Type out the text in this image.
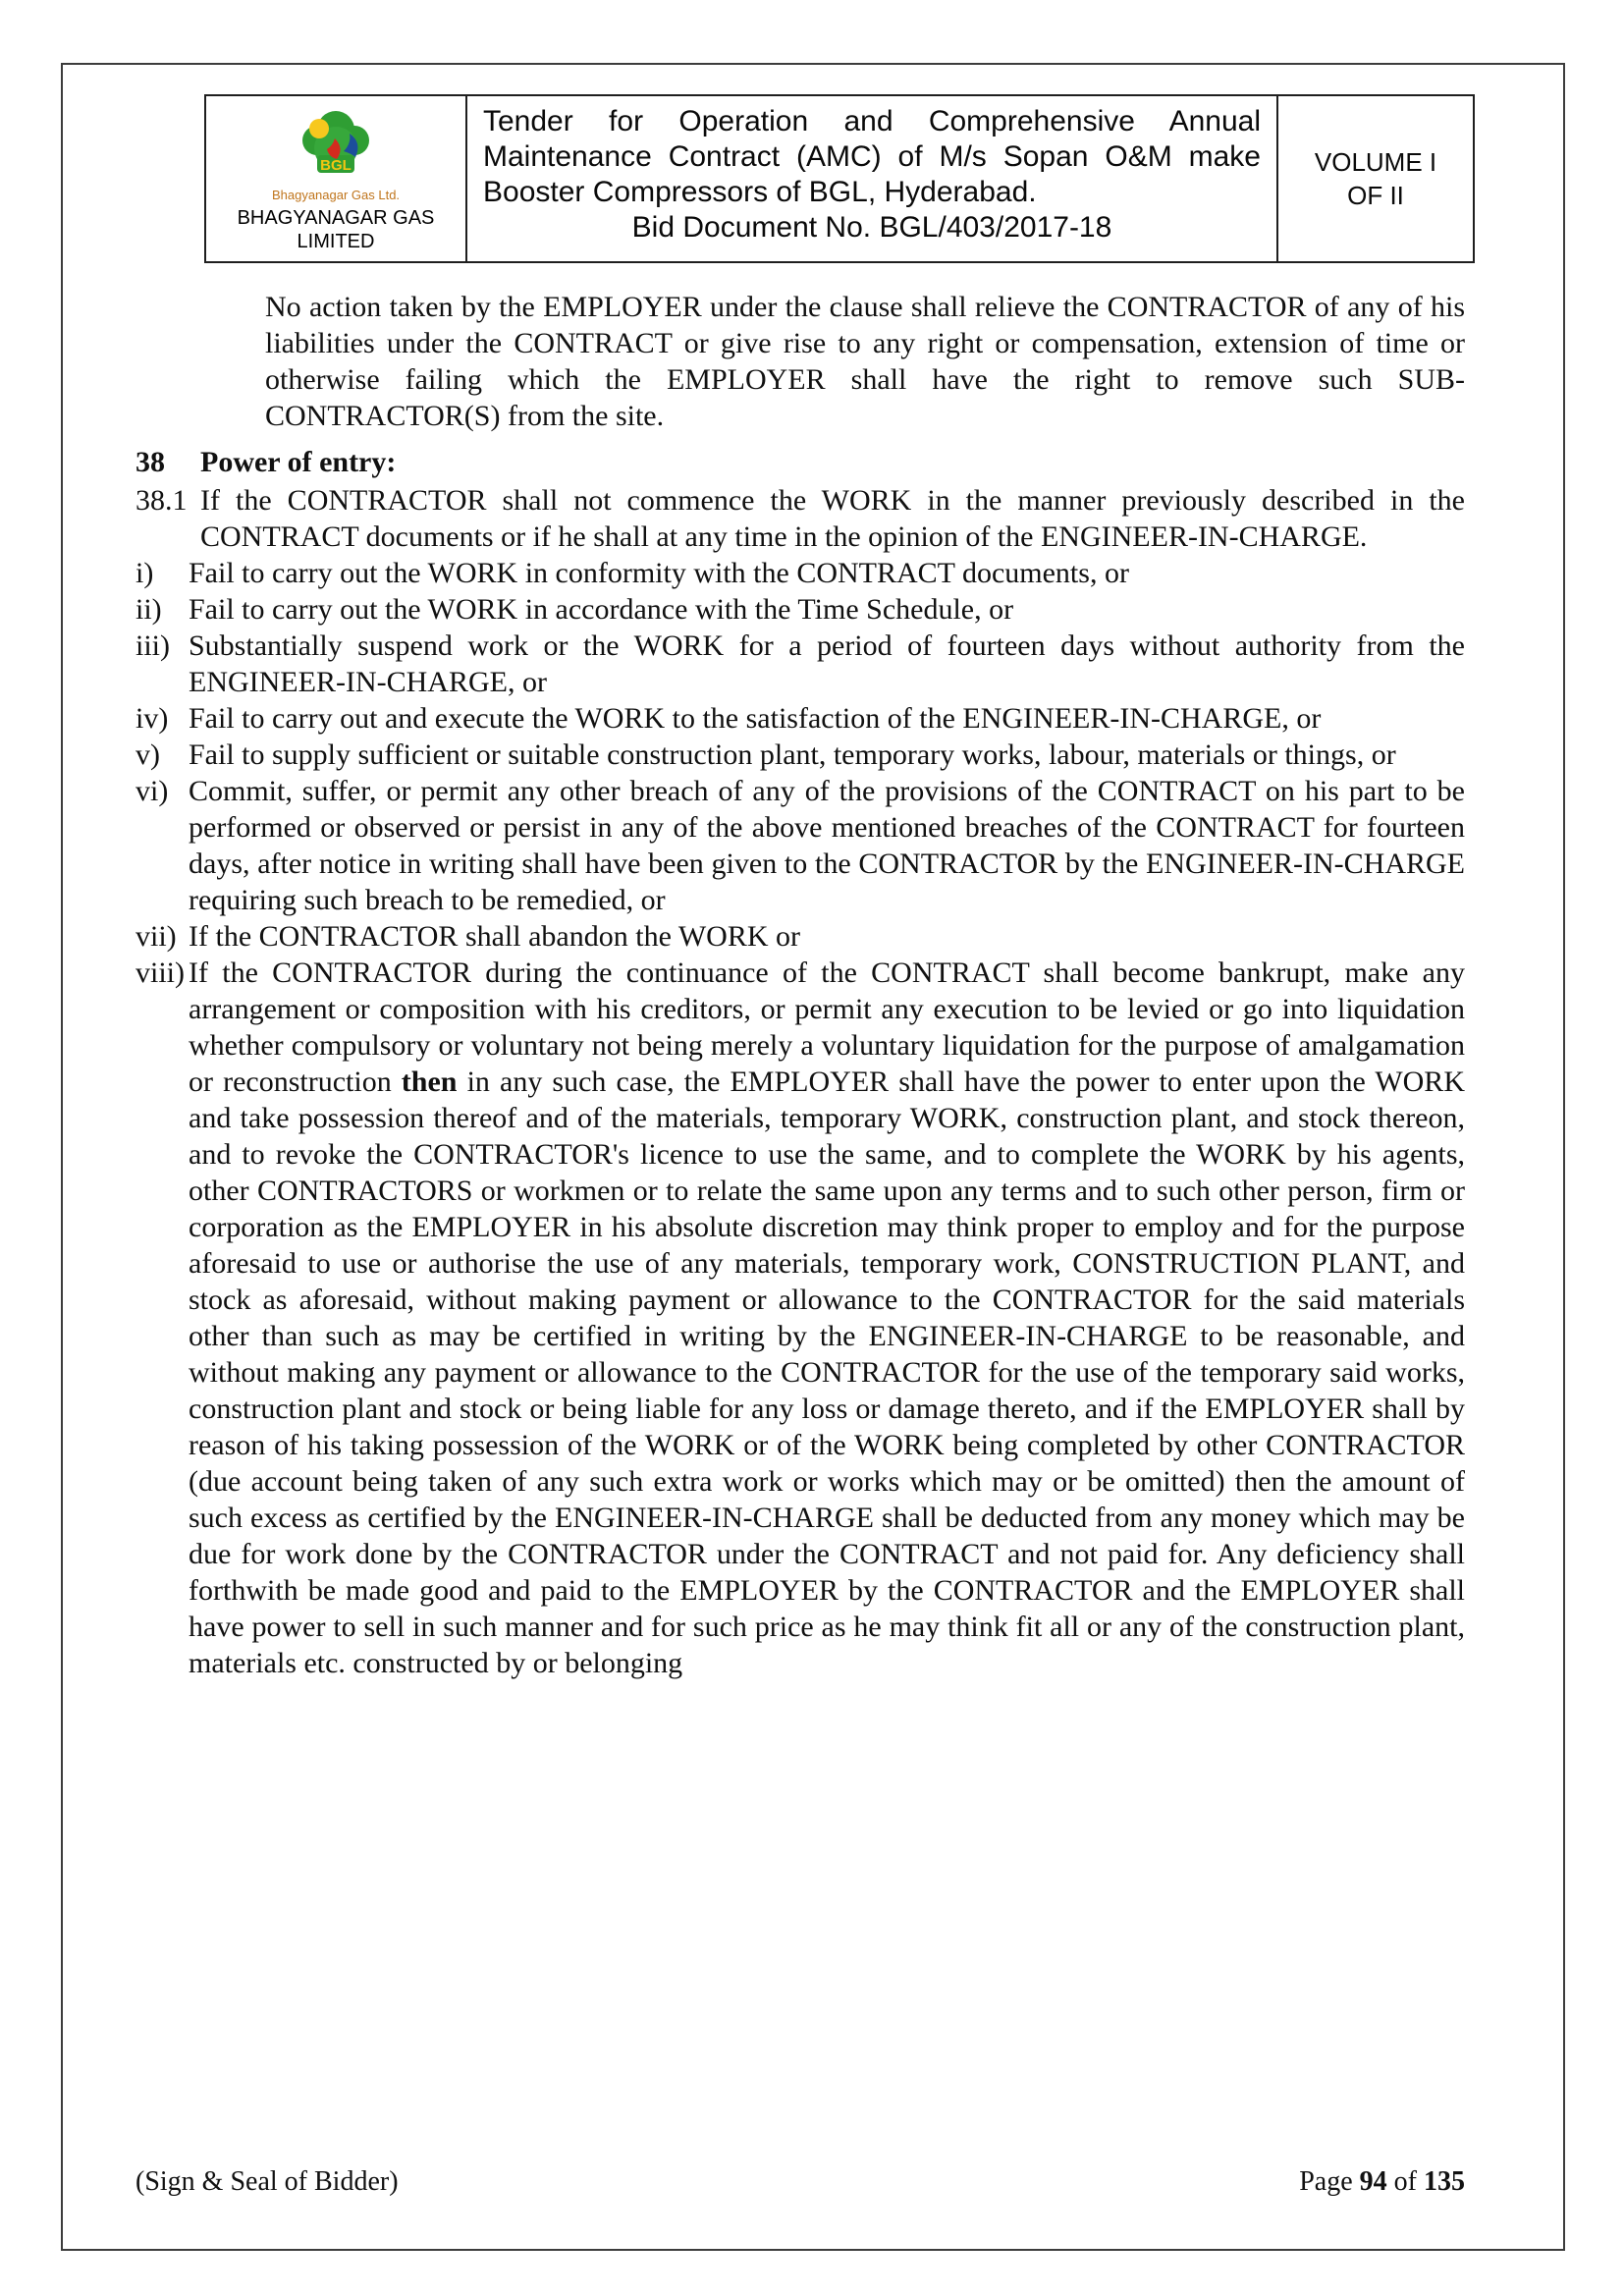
BGL
Bhagyanagar Gas Ltd.
BHAGYANAGAR GAS LIMITED
Tender for Operation and Comprehensive Annual Maintenance Contract (AMC) of M/s Sopan O&M make Booster Compressors of BGL, Hyderabad.
Bid Document No. BGL/403/2017-18
VOLUME I
OF II

No action taken by the EMPLOYER under the clause shall relieve the CONTRACTOR of any of his liabilities under the CONTRACT or give rise to any right or compensation, extension of time or otherwise failing which the EMPLOYER shall have the right to remove such SUB-CONTRACTOR(S) from the site.

38	Power of entry:
38.1 If the CONTRACTOR shall not commence the WORK in the manner previously described in the CONTRACT documents or if he shall at any time in the opinion of the ENGINEER-IN-CHARGE.
i)	Fail to carry out the WORK in conformity with the CONTRACT documents, or
ii) Fail to carry out the WORK in accordance with the Time Schedule, or
iii) Substantially suspend work or the WORK for a period of fourteen days without authority from the ENGINEER-IN-CHARGE, or
iv) Fail to carry out and execute the WORK to the satisfaction of the ENGINEER-IN-CHARGE, or
v) Fail to supply sufficient or suitable construction plant, temporary works, labour, materials or things, or
vi) Commit, suffer, or permit any other breach of any of the provisions of the CONTRACT on his part to be performed or observed or persist in any of the above mentioned breaches of the CONTRACT for fourteen days, after notice in writing shall have been given to the CONTRACTOR by the ENGINEER-IN-CHARGE requiring such breach to be remedied, or
vii) If the CONTRACTOR shall abandon the WORK or
viii) If the CONTRACTOR during the continuance of the CONTRACT shall become bankrupt, make any arrangement or composition with his creditors, or permit any execution to be levied or go into liquidation whether compulsory or voluntary not being merely a voluntary liquidation for the purpose of amalgamation or reconstruction then in any such case, the EMPLOYER shall have the power to enter upon the WORK and take possession thereof and of the materials, temporary WORK, construction plant, and stock thereon, and to revoke the CONTRACTOR's licence to use the same, and to complete the WORK by his agents, other CONTRACTORS or workmen or to relate the same upon any terms and to such other person, firm or corporation as the EMPLOYER in his absolute discretion may think proper to employ and for the purpose aforesaid to use or authorise the use of any materials, temporary work, CONSTRUCTION PLANT, and stock as aforesaid, without making payment or allowance to the CONTRACTOR for the said materials other than such as may be certified in writing by the ENGINEER-IN-CHARGE to be reasonable, and without making any payment or allowance to the CONTRACTOR for the use of the temporary said works, construction plant and stock or being liable for any loss or damage thereto, and if the EMPLOYER shall by reason of his taking possession of the WORK or of the WORK being completed by other CONTRACTOR (due account being taken of any such extra work or works which may or be omitted) then the amount of such excess as certified by the ENGINEER-IN-CHARGE shall be deducted from any money which may be due for work done by the CONTRACTOR under the CONTRACT and not paid for. Any deficiency shall forthwith be made good and paid to the EMPLOYER by the CONTRACTOR and the EMPLOYER shall have power to sell in such manner and for such price as he may think fit all or any of the construction plant, materials etc. constructed by or belonging
(Sign & Seal of Bidder)	Page 94 of 135
